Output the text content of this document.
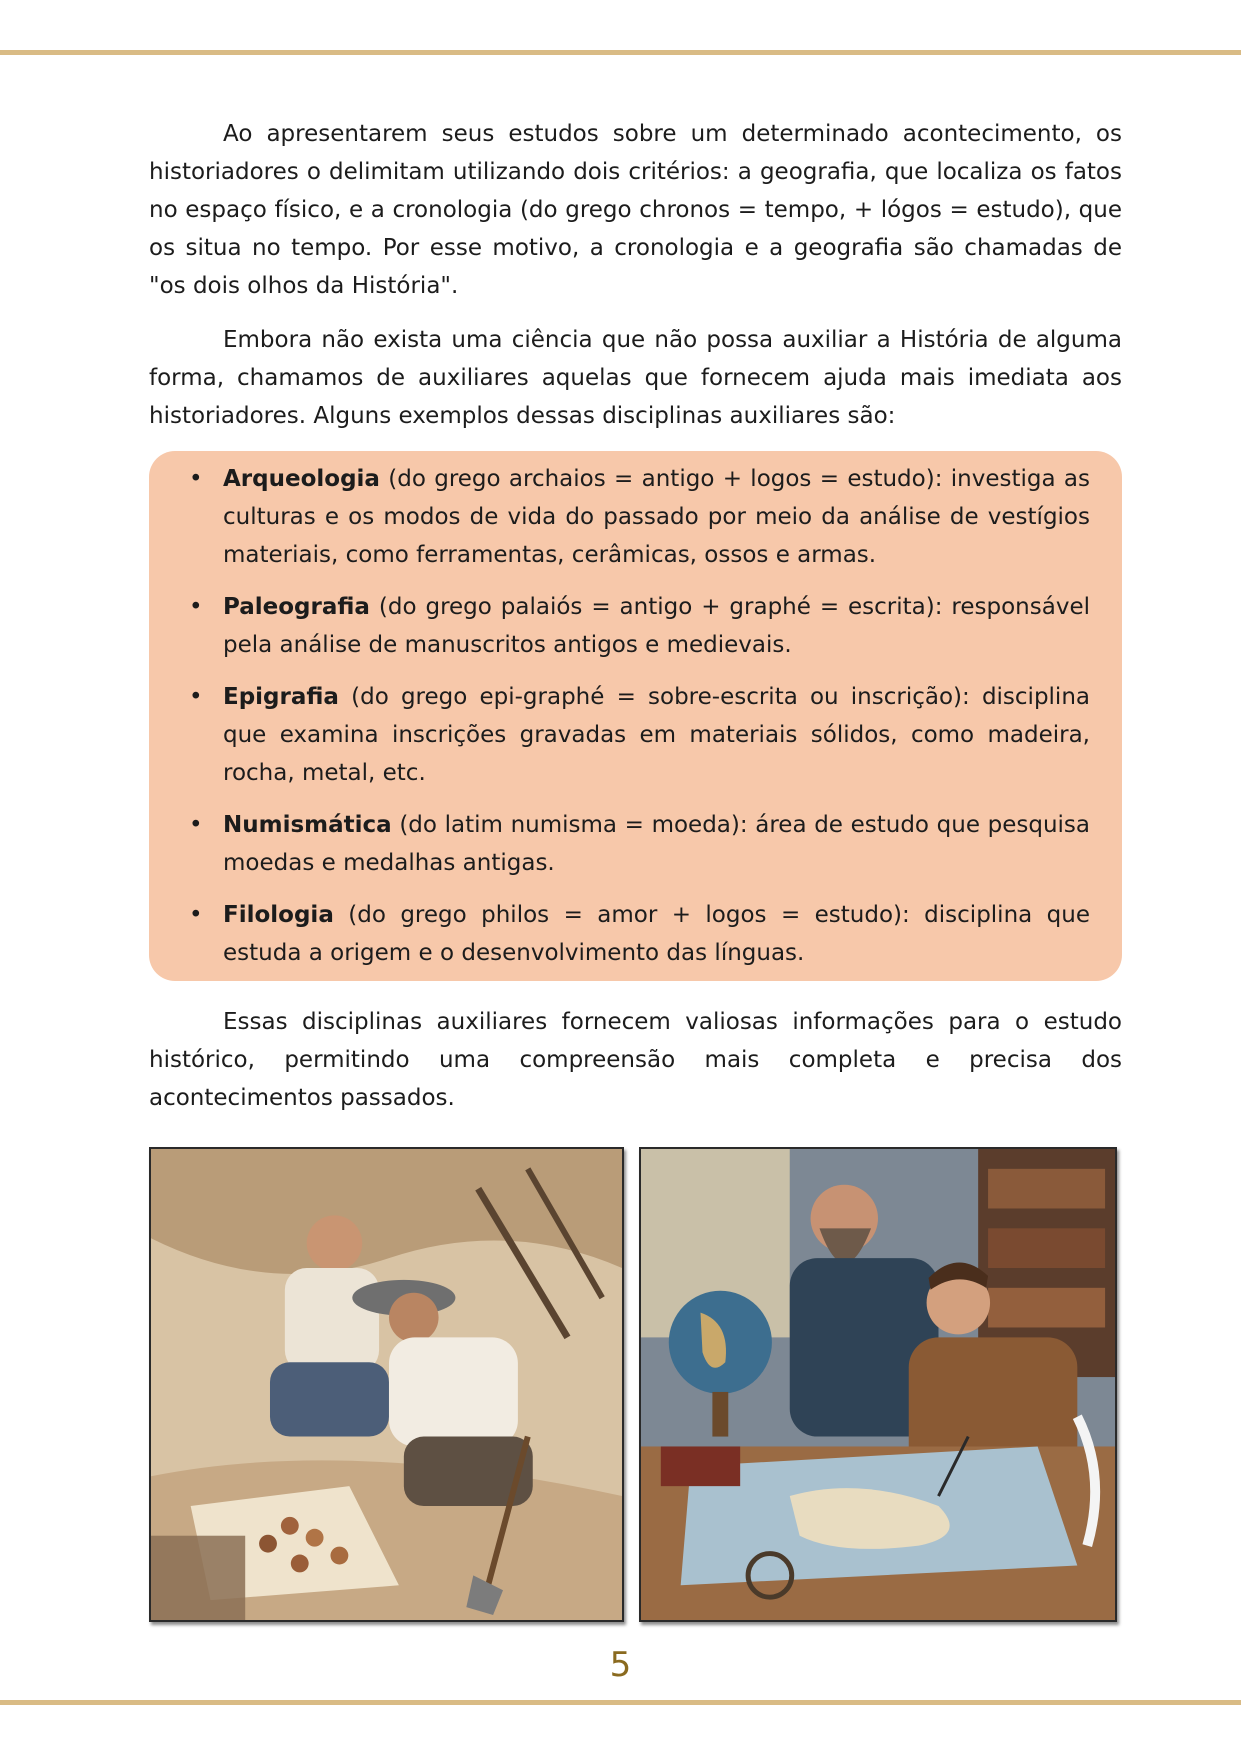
Ao apresentarem seus estudos sobre um determinado acontecimento, os historiadores o delimitam utilizando dois critérios: a geografia, que localiza os fatos no espaço físico, e a cronologia (do grego chronos = tempo, + lógos = estudo), que os situa no tempo. Por esse motivo, a cronologia e a geografia são chamadas de "os dois olhos da História".

Embora não exista uma ciência que não possa auxiliar a História de alguma forma, chamamos de auxiliares aquelas que fornecem ajuda mais imediata aos historiadores. Alguns exemplos dessas disciplinas auxiliares são:

• Arqueologia (do grego archaios = antigo + logos = estudo): investiga as culturas e os modos de vida do passado por meio da análise de vestígios materiais, como ferramentas, cerâmicas, ossos e armas.
• Paleografia (do grego palaiós = antigo + graphé = escrita): responsável pela análise de manuscritos antigos e medievais.
• Epigrafia (do grego epi-graphé = sobre-escrita ou inscrição): disciplina que examina inscrições gravadas em materiais sólidos, como madeira, rocha, metal, etc.
• Numismática (do latim numisma = moeda): área de estudo que pesquisa moedas e medalhas antigas.
• Filologia (do grego philos = amor + logos = estudo): disciplina que estuda a origem e o desenvolvimento das línguas.

Essas disciplinas auxiliares fornecem valiosas informações para o estudo histórico, permitindo uma compreensão mais completa e precisa dos acontecimentos passados.

5
